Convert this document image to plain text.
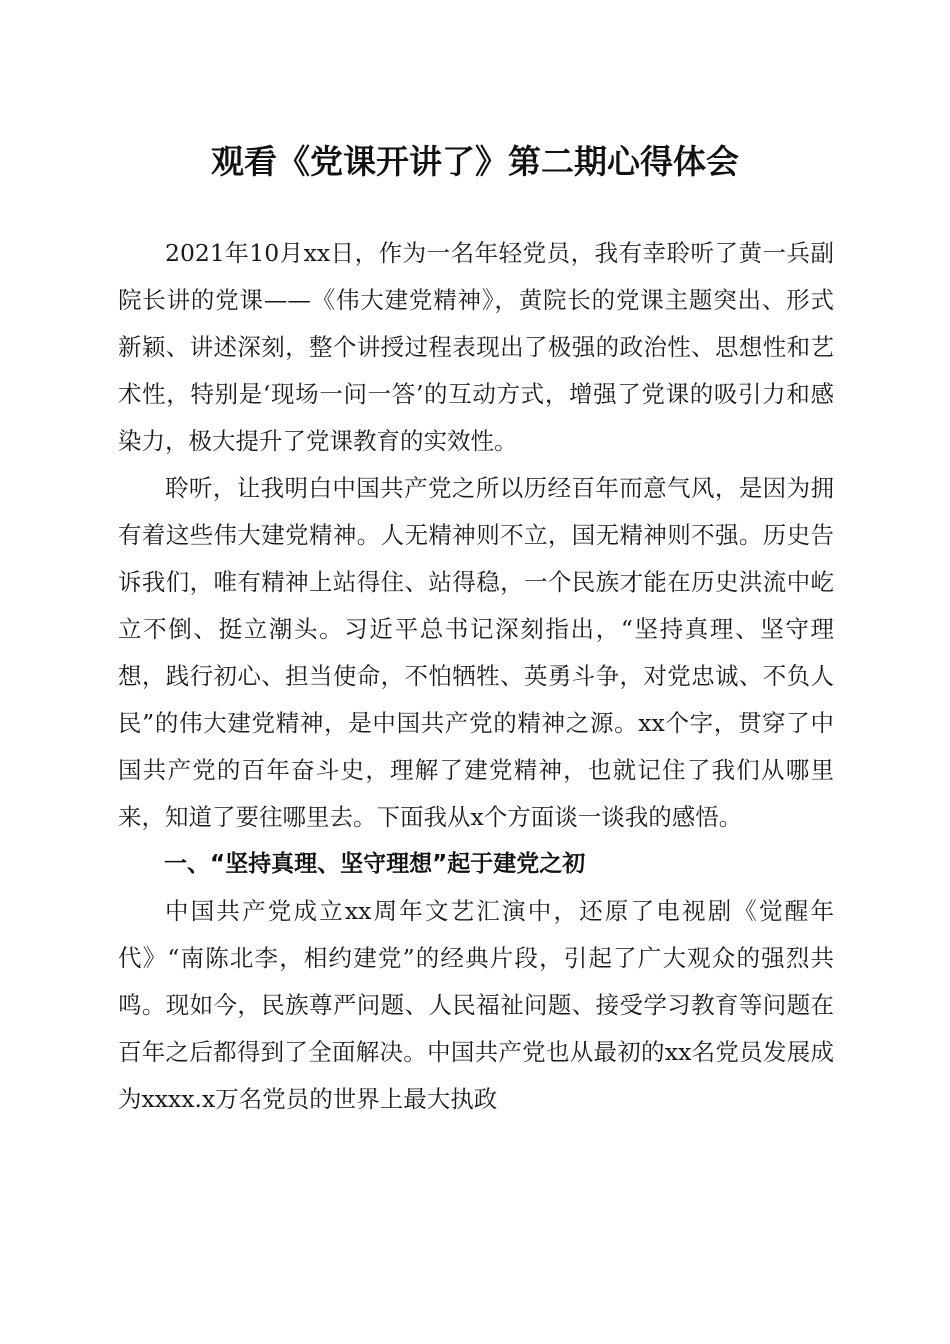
观看《党课开讲了》第二期心得体会

2021年10月xx日，作为一名年轻党员，我有幸聆听了黄一兵副院长讲的党课——《伟大建党精神》，黄院长的党课主题突出、形式新颖、讲述深刻，整个讲授过程表现出了极强的政治性、思想性和艺术性，特别是‘现场一问一答’的互动方式，增强了党课的吸引力和感染力，极大提升了党课教育的实效性。

聆听，让我明白中国共产党之所以历经百年而意气风，是因为拥有着这些伟大建党精神。人无精神则不立，国无精神则不强。历史告诉我们，唯有精神上站得住、站得稳，一个民族才能在历史洪流中屹立不倒、挺立潮头。习近平总书记深刻指出，“坚持真理、坚守理想，践行初心、担当使命，不怕牺牲、英勇斗争，对党忠诚、不负人民”的伟大建党精神，是中国共产党的精神之源。xx个字，贯穿了中国共产党的百年奋斗史，理解了建党精神，也就记住了我们从哪里来，知道了要往哪里去。下面我从x个方面谈一谈我的感悟。

一、“坚持真理、坚守理想”起于建党之初

中国共产党成立xx周年文艺汇演中，还原了电视剧《觉醒年代》“南陈北李，相约建党”的经典片段，引起了广大观众的强烈共鸣。现如今，民族尊严问题、人民福祉问题、接受学习教育等问题在百年之后都得到了全面解决。中国共产党也从最初的xx名党员发展成为xxxx.x万名党员的世界上最大执政
